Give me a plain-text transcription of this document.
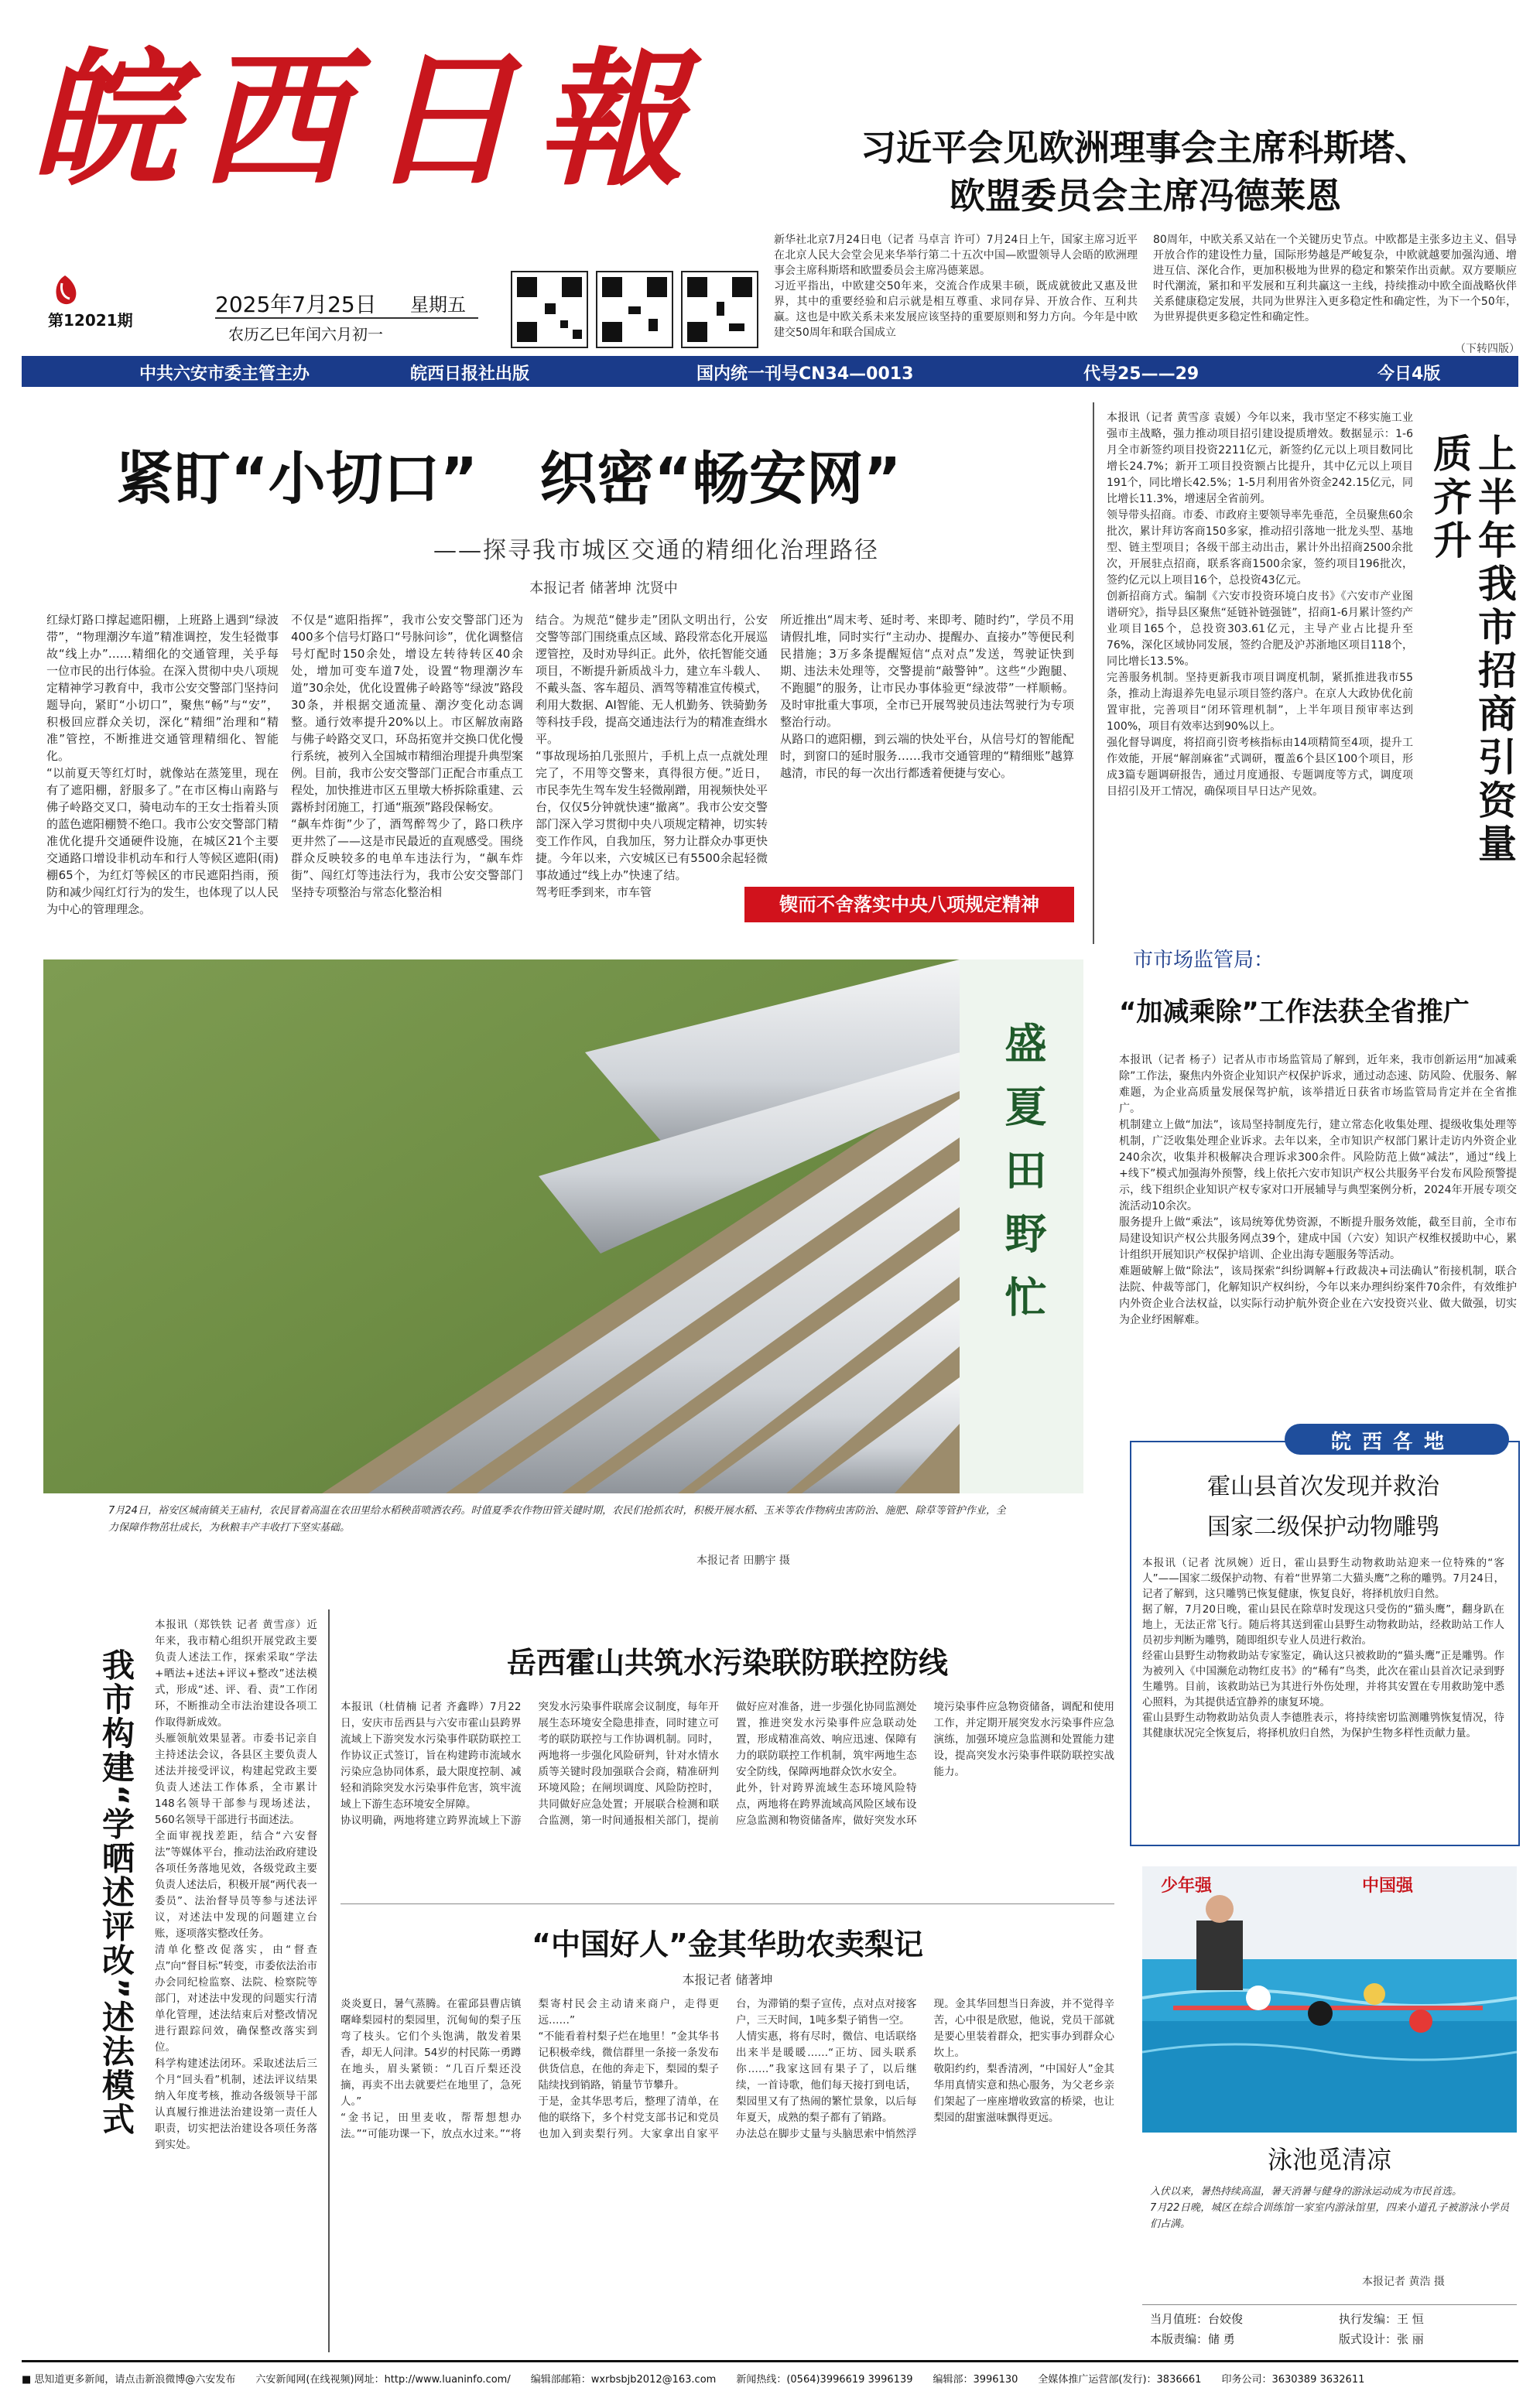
皖 西 日 報
第12021期
2025年7月25日 星期五
农历乙巳年闰六月初一
习近平会见欧洲理事会主席科斯塔、
欧盟委员会主席冯德莱恩
新华社北京7月24日电（记者 马卓言 许可）7月24日上午，国家主席习近平在北京人民大会堂会见来华举行第二十五次中国—欧盟领导人会晤的欧洲理事会主席科斯塔和欧盟委员会主席冯德莱恩。
习近平指出，中欧建交50年来，交流合作成果丰硕，既成就彼此又惠及世界，其中的重要经验和启示就是相互尊重、求同存异、开放合作、互利共赢。这也是中欧关系未来发展应该坚持的重要原则和努力方向。今年是中欧建交50周年和联合国成立
80周年，中欧关系又站在一个关键历史节点。中欧都是主张多边主义、倡导开放合作的建设性力量，国际形势越是严峻复杂，中欧就越要加强沟通、增进互信、深化合作，更加积极地为世界的稳定和繁荣作出贡献。双方要顺应时代潮流，紧扣和平发展和互利共赢这一主线，持续推动中欧全面战略伙伴关系健康稳定发展，共同为世界注入更多稳定性和确定性，为下一个50年，为世界提供更多稳定性和确定性。
（下转四版）
中共六安市委主管主办	皖西日报社出版	国内统一刊号CN34—0013	代号25——29	今日4版
紧盯“小切口” 织密“畅安网”
——探寻我市城区交通的精细化治理路径
本报记者 储著坤 沈贤中
红绿灯路口撑起遮阳棚，上班路上遇到“绿波带”，“物理潮汐车道”精准调控，发生轻微事故“线上办”……精细化的交通管理，关乎每一位市民的出行体验。在深入贯彻中央八项规定精神学习教育中，我市公安交警部门坚持问题导向，紧盯“小切口”，聚焦“畅”与“安”，积极回应群众关切，深化“精细”治理和“精准”管控，不断推进交通管理精细化、智能化。
“以前夏天等红灯时，就像站在蒸笼里，现在有了遮阳棚，舒服多了。”在市区梅山南路与佛子岭路交叉口，骑电动车的王女士指着头顶的蓝色遮阳棚赞不绝口。我市公安交警部门精准优化提升交通硬件设施，在城区21个主要交通路口增设非机动车和行人等候区遮阳(雨)棚65个，为红灯等候区的市民遮阳挡雨，预防和减少闯红灯行为的发生，也体现了以人民为中心的管理理念。
不仅是“遮阳指挥”，我市公安交警部门还为400多个信号灯路口“号脉问诊”，优化调整信号灯配时150余处，增设左转待转区40余处，增加可变车道7处，设置“物理潮汐车道”30余处，优化设置佛子岭路等“绿波”路段30条，并根据交通流量、潮汐变化动态调整。通行效率提升20%以上。市区解放南路与佛子岭路交叉口，环岛拓宽并交换口优化慢行系统，被列入全国城市精细治理提升典型案例。目前，我市公安交警部门正配合市重点工程处，加快推进市区五里墩大桥拆除重建、云露桥封闭施工，打通“瓶颈”路段保畅安。
“飙车炸街”少了，酒驾醉驾少了，路口秩序更井然了——这是市民最近的直观感受。围绕群众反映较多的电单车违法行为，“飙车炸街”、闯红灯等违法行为，我市公安交警部门坚持专项整治与常态化整治相
结合。为规范“健步走”团队文明出行，公安交警等部门围绕重点区域、路段常态化开展巡逻管控，及时劝导纠正。此外，依托智能交通项目，不断提升新质战斗力，建立车斗载人、不戴头盔、客车超员、酒驾等精准宣传模式，利用大数据、AI智能、无人机勤务、铁骑勤务等科技手段，提高交通违法行为的精准查缉水平。
“事故现场拍几张照片，手机上点一点就处理完了，不用等交警来，真得很方便。”近日，市民李先生驾车发生轻微剐蹭，用视频快处平台，仅仅5分钟就快速“撤离”。我市公安交警部门深入学习贯彻中央八项规定精神，切实转变工作作风，自我加压，努力让群众办事更快捷。今年以来，六安城区已有5500余起轻微事故通过“线上办”快速了结。
驾考旺季到来，市车管
所近推出“周末考、延时考、来即考、随时约”，学员不用请假扎堆，同时实行“主动办、提醒办、直接办”等便民利民措施；3万多条提醒短信“点对点”发送，驾驶证快到期、违法未处理等，交警提前“敲警钟”。这些“少跑腿、不跑腿”的服务，让市民办事体验更“绿波带”一样顺畅。及时审批重大事项，全市已开展驾驶员违法驾驶行为专项整治行动。
从路口的遮阳棚，到云端的快处平台，从信号灯的智能配时，到窗口的延时服务……我市交通管理的“精细账”越算越清，市民的每一次出行都透着便捷与安心。
锲而不舍落实中央八项规定精神
上半年我市招商引资量质齐升
本报讯（记者 黄雪彦 袁媛）今年以来，我市坚定不移实施工业强市主战略，强力推动项目招引建设提质增效。数据显示：1-6月全市新签约项目投资2211亿元，新签约亿元以上项目数同比增长24.7%；新开工项目投资额占比提升，其中亿元以上项目191个，同比增长42.5%；1-5月利用省外资金242.15亿元，同比增长11.3%，增速居全省前列。
领导带头招商。市委、市政府主要领导率先垂范，全员聚焦60余批次，累计拜访客商150多家，推动招引落地一批龙头型、基地型、链主型项目；各级干部主动出击，累计外出招商2500余批次，开展驻点招商，联系客商1500余家，签约项目196批次，签约亿元以上项目16个，总投资43亿元。
创新招商方式。编制《六安市投资环境白皮书》《六安市产业图谱研究》，指导县区聚焦“延链补链强链”，招商1-6月累计签约产业项目165个，总投资303.61亿元，主导产业占比提升至76%，深化区域协同发展，签约合肥及沪苏浙地区项目118个，同比增长13.5%。
完善服务机制。坚持更新我市项目调度机制，紧抓推进我市55条，推动上海退养先电显示项目签约落户。在京人大政协优化前置审批，完善项目“闭环管理机制”，上半年项目预审率达到100%，项目有效率达到90%以上。
强化督导调度，将招商引资考核指标由14项精简至4项，提升工作效能，开展“解剖麻雀”式调研，覆盖6个县区100个项目，形成3篇专题调研报告，通过月度通报、专题调度等方式，调度项目招引及开工情况，确保项目早日达产见效。
盛夏田野忙
7月24日，裕安区城南镇关王庙村，农民冒着高温在农田里给水稻秧苗喷洒农药。时值夏季农作物田管关键时期，农民们抢抓农时，积极开展水稻、玉米等农作物病虫害防治、施肥、除草等管护作业，全力保障作物茁壮成长，为秋粮丰产丰收打下坚实基础。
本报记者 田鹏宇 摄
市市场监管局：
“加减乘除”工作法获全省推广
本报讯（记者 杨子）记者从市市场监管局了解到，近年来，我市创新运用“加减乘除”工作法，聚焦内外资企业知识产权保护诉求，通过动态速、防风险、优服务、解难题，为企业高质量发展保驾护航，该举措近日获省市场监管局肯定并在全省推广。
机制建立上做“加法”，该局坚持制度先行，建立常态化收集处理、提级收集处理等机制，广泛收集处理企业诉求。去年以来，全市知识产权部门累计走访内外资企业240余次，收集并积极解决合理诉求300余件。风险防范上做“减法”，通过“线上+线下”模式加强海外预警，线上依托六安市知识产权公共服务平台发布风险预警提示，线下组织企业知识产权专家对口开展辅导与典型案例分析，2024年开展专项交流活动10余次。
服务提升上做“乘法”，该局统筹优势资源，不断提升服务效能，截至目前，全市布局建设知识产权公共服务网点39个，建成中国（六安）知识产权维权援助中心，累计组织开展知识产权保护培训、企业出海专题服务等活动。
难题破解上做“除法”，该局探索“纠纷调解+行政裁决+司法确认”衔接机制，联合法院、仲裁等部门，化解知识产权纠纷，今年以来办理纠纷案件70余件，有效维护内外资企业合法权益，以实际行动护航外资企业在六安投资兴业、做大做强，切实为企业纾困解难。
皖西各地
霍山县首次发现并救治
国家二级保护动物雕鸮
本报讯（记者 沈夙婉）近日，霍山县野生动物救助站迎来一位特殊的“客人”——国家二级保护动物、有着“世界第二大猫头鹰”之称的雕鸮。7月24日，记者了解到，这只雕鸮已恢复健康，恢复良好，将择机放归自然。
据了解，7月20日晚，霍山县民在除草时发现这只受伤的“猫头鹰”，翻身趴在地上，无法正常飞行。随后将其送到霍山县野生动物救助站，经救助站工作人员初步判断为雕鸮，随即组织专业人员进行救治。
经霍山县野生动物救助站专家鉴定，确认这只被救助的“猫头鹰”正是雕鸮。作为被列入《中国濒危动物红皮书》的“稀有”鸟类，此次在霍山县首次记录到野生雕鸮。目前，该救助站已为其进行外伤处理，并将其安置在专用救助笼中悉心照料，为其提供适宜静养的康复环境。
霍山县野生动物救助站负责人李德胜表示，将持续密切监测雕鸮恢复情况，待其健康状况完全恢复后，将择机放归自然，为保护生物多样性贡献力量。
我市构建“学晒述评改”述法模式
本报讯（郑铁铁 记者 黄雪彦）近年来，我市精心组织开展党政主要负责人述法工作，探索采取“学法+晒法+述法+评议+整改”述法模式，形成“述、评、看、责”工作闭环，不断推动全市法治建设各项工作取得新成效。
头雁领航效果显著。市委书记亲自主持述法会议，各县区主要负责人述法并接受评议，构建起党政主要负责人述法工作体系，全市累计148名领导干部参与现场述法，560名领导干部进行书面述法。
全面审视找差距，结合“六安督法”等媒体平台，推动法治政府建设各项任务落地见效，各级党政主要负责人述法后，积极开展“两代表一委员”、法治督导员等参与述法评议，对述法中发现的问题建立台账，逐项落实整改任务。
清单化整改促落实，由“督查点”向“督目标”转变，市委依法治市办会同纪检监察、法院、检察院等部门，对述法中发现的问题实行清单化管理，述法结束后对整改情况进行跟踪问效，确保整改落实到位。
科学构建述法闭环。采取述法后三个月“回头看”机制，述法评议结果纳入年度考核，推动各级领导干部认真履行推进法治建设第一责任人职责，切实把法治建设各项任务落到实处。
岳西霍山共筑水污染联防联控防线
本报讯（杜倩楠 记者 齐鑫晔）7月22日，安庆市岳西县与六安市霍山县跨界流域上下游突发水污染事件联防联控工作协议正式签订，旨在构建跨市流域水污染应急协同体系，最大限度控制、减轻和消除突发水污染事件危害，筑牢流域上下游生态环境安全屏障。
协议明确，两地将建立跨界流域上下游突发水污染事件联席会议制度，每年开展生态环境安全隐患排查，同时建立可考的联防联控与工作协调机制。同时，两地将一步强化风险研判，针对水情水质等关键时段加强联合会商，精准研判环境风险；在闸坝调度、风险防控时，共同做好应急处置；开展联合检测和联合监测，第一时间通报相关部门，提前做好应对准备，进一步强化协同监测处置，推进突发水污染事件应急联动处置，形成精准高效、响应迅速、保障有力的联防联控工作机制，筑牢两地生态安全防线，保障两地群众饮水安全。
此外，针对跨界流域生态环境风险特点，两地将在跨界流域高风险区域布设应急监测和物资储备库，做好突发水环境污染事件应急物资储备，调配和使用工作，并定期开展突发水污染事件应急演练，加强环境应急监测和处置能力建设，提高突发水污染事件联防联控实战能力。
“中国好人”金其华助农卖梨记
本报记者 储著坤
炎炎夏日，暑气蒸腾。在霍邱县曹店镇曙峰梨园村的梨园里，沉甸甸的梨子压弯了枝头。它们个头饱满，散发着果香，却无人问津。54岁的村民陈一勇蹲在地头，眉头紧锁：“几百斤梨还没摘，再卖不出去就要烂在地里了，急死人。”
“金书记，田里麦收，帮帮想想办法。”“可能功课一下，放点水过来。”“将梨寄村民会主动请来商户，走得更远……”
“不能看着村梨子烂在地里！”金其华书记积极牵线，微信群里一条接一条发布供货信息，在他的奔走下，梨园的梨子陆续找到销路，销量节节攀升。
于是，金其华思考后，整理了清单，在他的联络下，多个村党支部书记和党员也加入到卖梨行列。大家拿出自家平台，为滞销的梨子宣传，点对点对接客户，三天时间，1吨多梨子销售一空。
人情实惠，将有尽时，微信、电话联络出来半是暖暖……“正坊、园头联系你……”我家这回有果子了，以后继续，一首诗歌，他们每天接打到电话，梨园里又有了热闹的繁忙景象，以后每年夏天，成熟的梨子都有了销路。
办法总在脚步丈量与头脑思索中悄然浮现。金其华回想当日奔波，并不觉得辛苦，心中很是欣慰，他说，党员干部就是要心里装着群众，把实事办到群众心坎上。
敬阳约约，梨香清冽，“中国好人”金其华用真情实意和热心服务，为父老乡亲们架起了一座座增收致富的桥梁，也让梨园的甜蜜滋味飘得更远。
少年强	中国强
泳池觅清凉
入伏以来，暑热持续高温，暑天消暑与健身的游泳运动成为市民首选。
7月22日晚，城区在综合训练馆一家室内游泳馆里，四来小道孔子被游泳小学员们占满。
本报记者 黄浩 摄
当月值班：台姣俊	执行发编：王 恒
本版责编：储 勇	版式设计：张 丽
■ 思知道更多新闻，请点击新浪微博@六安发布 六安新闻网(在线视频)网址：http://www.luaninfo.com/ 编辑部邮箱：wxrbsbjb2012@163.com 新闻热线：(0564)3996619 3996139 编辑部：3996130 全媒体推广运营部(发行)：3836661 印务公司：3630389 3632611
